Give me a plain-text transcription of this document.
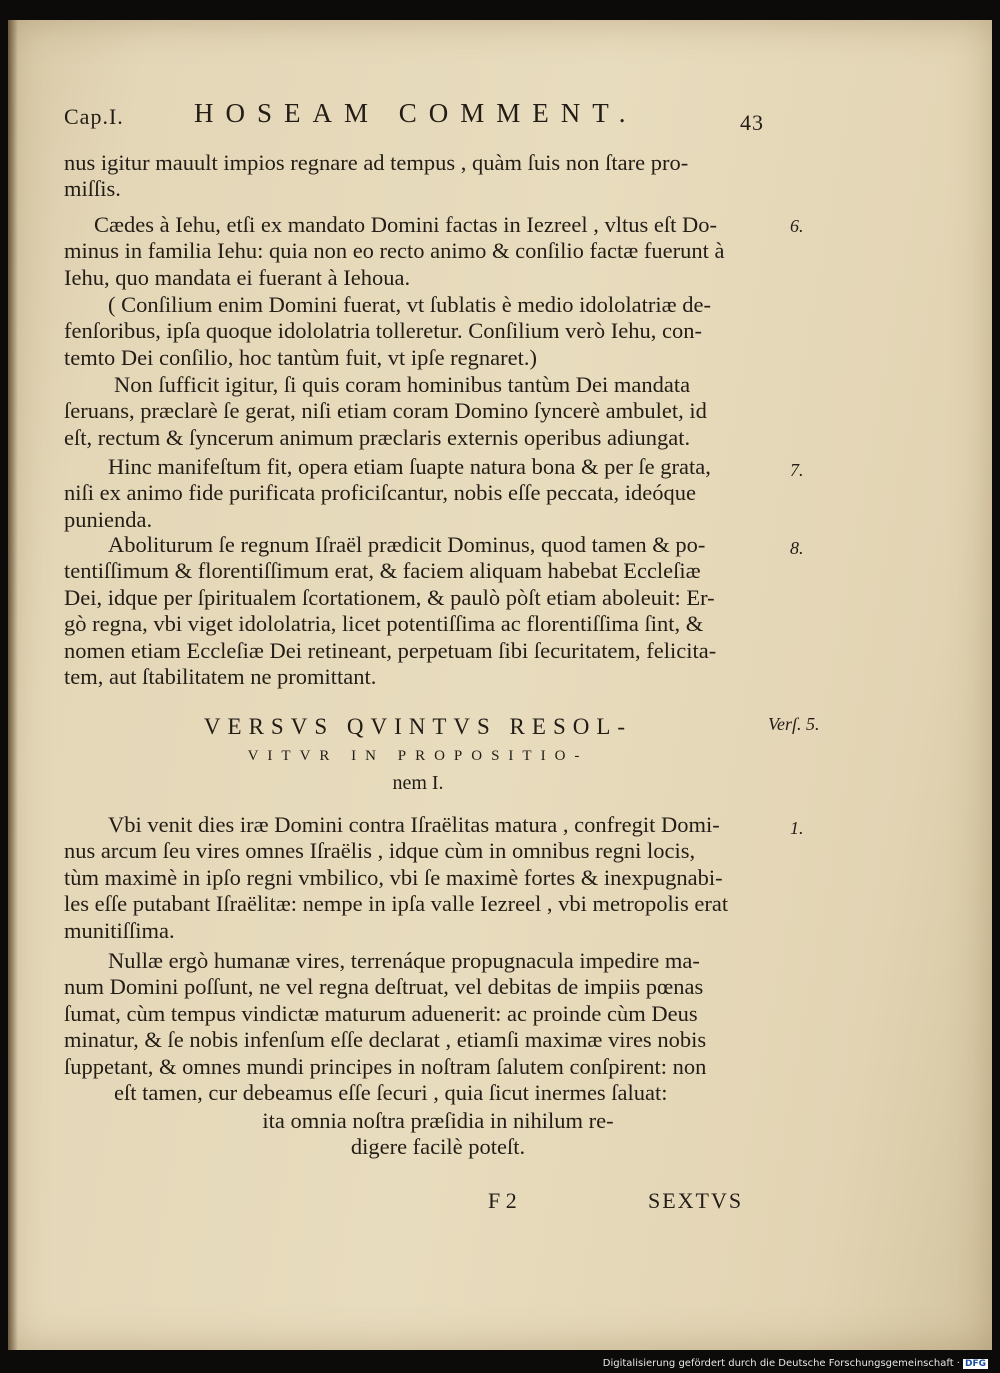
Cap.I.	HOSEAM COMMENT.	43
nus igitur mauult impios regnare ad tempus , quàm ſuis non ſtare pro-
miſſis.
Cædes à Iehu, etſi ex mandato Domini factas in Iezreel , vltus eſt Do-
minus in familia Iehu: quia non eo recto animo & conſilio factæ fuerunt à
Iehu, quo mandata ei fuerant à Iehoua.
6.
( Conſilium enim Domini fuerat, vt ſublatis è medio idololatriæ de-
fenſoribus, ipſa quoque idololatria tolleretur. Conſilium verò Iehu, con-
temto Dei conſilio, hoc tantùm fuit, vt ipſe regnaret.)
Non ſufficit igitur, ſi quis coram hominibus tantùm Dei mandata
ſeruans, præclarè ſe gerat, niſi etiam coram Domino ſyncerè ambulet, id
eſt, rectum & ſyncerum animum præclaris externis operibus adiungat.
Hinc manifeſtum fit, opera etiam ſuapte natura bona & per ſe grata,
niſi ex animo fide purificata proficiſcantur, nobis eſſe peccata, ideóque
punienda.
7.
Aboliturum ſe regnum Iſraël prædicit Dominus, quod tamen & po-
tentiſſimum & florentiſſimum erat, & faciem aliquam habebat Eccleſiæ
Dei, idque per ſpiritualem ſcortationem, & paulò pòſt etiam aboleuit: Er-
gò regna, vbi viget idololatria, licet potentiſſima ac florentiſſima ſint, &
nomen etiam Eccleſiæ Dei retineant, perpetuam ſibi ſecuritatem, felicita-
tem, aut ſtabilitatem ne promittant.
8.
VERSVS QVINTVS RESOL-
VITVR IN PROPOSITIO-
nem I.
Verſ. 5.
Vbi venit dies iræ Domini contra Iſraëlitas matura , confregit Domi-
nus arcum ſeu vires omnes Iſraëlis , idque cùm in omnibus regni locis,
tùm maximè in ipſo regni vmbilico, vbi ſe maximè fortes & inexpugnabi-
les eſſe putabant Iſraëlitæ: nempe in ipſa valle Iezreel , vbi metropolis erat
munitiſſima.
1.
Nullæ ergò humanæ vires, terrenáque propugnacula impedire ma-
num Domini poſſunt, ne vel regna deſtruat, vel debitas de impiis pœnas
ſumat, cùm tempus vindictæ maturum aduenerit: ac proinde cùm Deus
minatur, & ſe nobis infenſum eſſe declarat , etiamſi maximæ vires nobis
ſuppetant, & omnes mundi principes in noſtram ſalutem conſpirent: non
eſt tamen, cur debeamus eſſe ſecuri , quia ſicut inermes ſaluat:
ita omnia noſtra præſidia in nihilum re-
digere facilè poteſt.
F 2	SEXTVS
Digitalisierung gefördert durch die Deutsche Forschungsgemeinschaft · DFG
